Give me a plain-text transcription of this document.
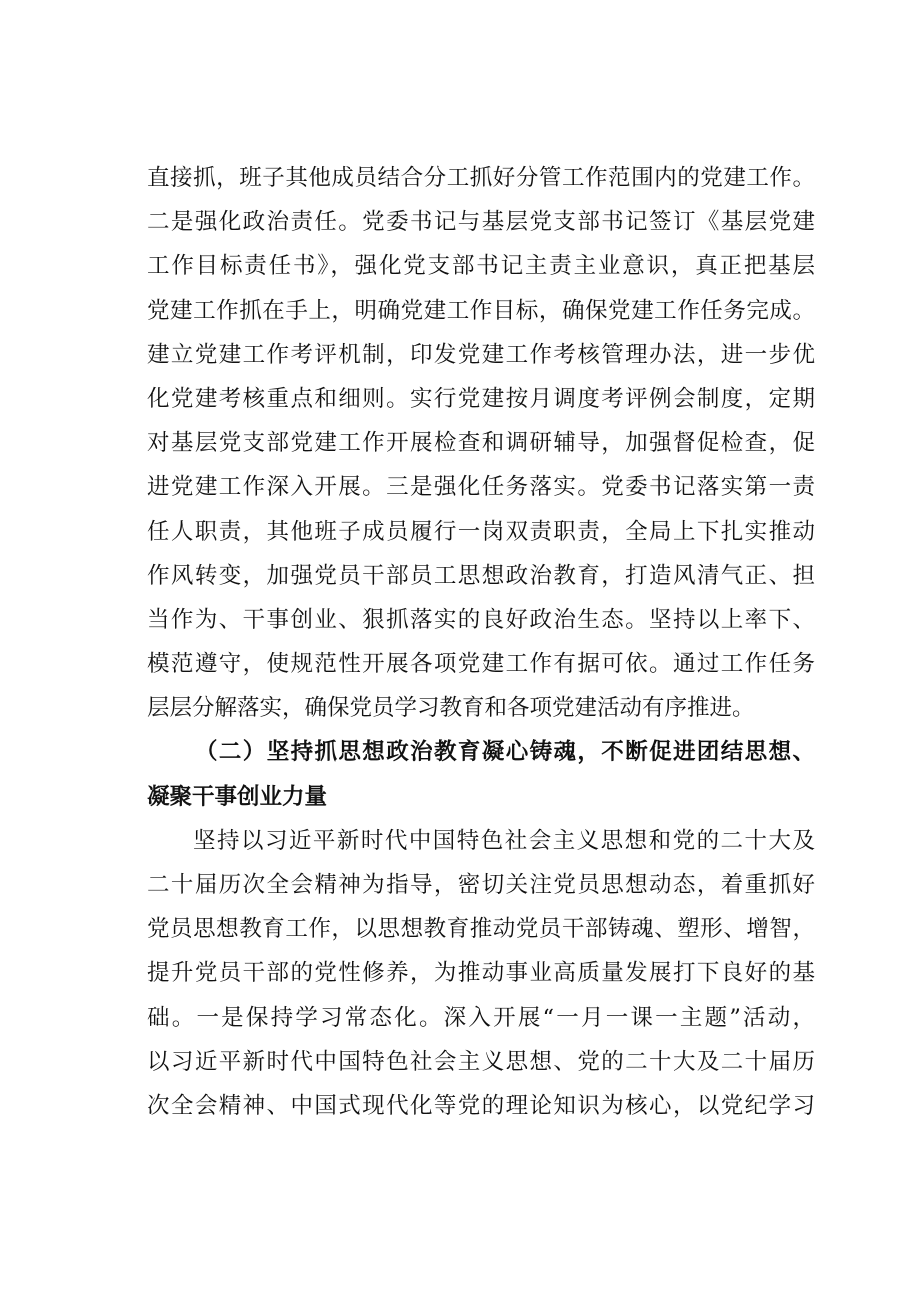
直接抓，班子其他成员结合分工抓好分管工作范围内的党建工作。
二是强化政治责任。党委书记与基层党支部书记签订《基层党建
工作目标责任书》，强化党支部书记主责主业意识，真正把基层
党建工作抓在手上，明确党建工作目标，确保党建工作任务完成。
建立党建工作考评机制，印发党建工作考核管理办法，进一步优
化党建考核重点和细则。实行党建按月调度考评例会制度，定期
对基层党支部党建工作开展检查和调研辅导，加强督促检查，促
进党建工作深入开展。三是强化任务落实。党委书记落实第一责
任人职责，其他班子成员履行一岗双责职责，全局上下扎实推动
作风转变，加强党员干部员工思想政治教育，打造风清气正、担
当作为、干事创业、狠抓落实的良好政治生态。坚持以上率下、
模范遵守，使规范性开展各项党建工作有据可依。通过工作任务
层层分解落实，确保党员学习教育和各项党建活动有序推进。
（二）坚持抓思想政治教育凝心铸魂，不断促进团结思想、
凝聚干事创业力量
坚持以习近平新时代中国特色社会主义思想和党的二十大及
二十届历次全会精神为指导，密切关注党员思想动态，着重抓好
党员思想教育工作，以思想教育推动党员干部铸魂、塑形、增智，
提升党员干部的党性修养，为推动事业高质量发展打下良好的基
础。一是保持学习常态化。深入开展“一月一课一主题”活动，
以习近平新时代中国特色社会主义思想、党的二十大及二十届历
次全会精神、中国式现代化等党的理论知识为核心，以党纪学习
